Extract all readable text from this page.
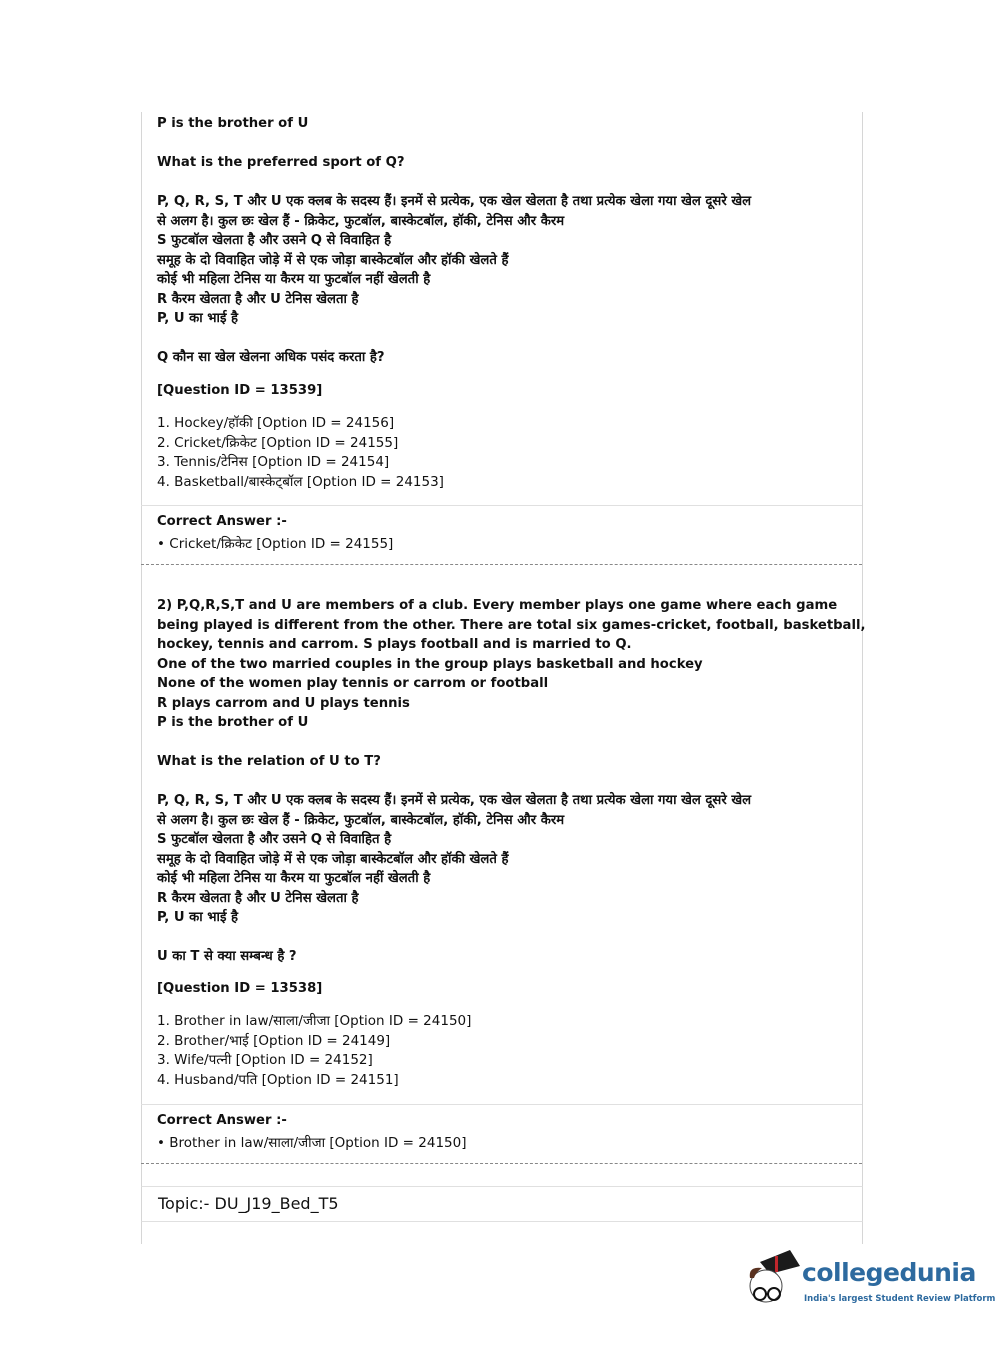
P is the brother of U
What is the preferred sport of Q?
P, Q, R, S, T और U एक क्लब के सदस्य हैं। इनमें से प्रत्येक, एक खेल खेलता है तथा प्रत्येक खेला गया खेल दूसरे खेल
से अलग है। कुल छः खेल हैं - क्रिकेट, फुटबॉल, बास्केटबॉल, हॉकी, टेनिस और कैरम
S फुटबॉल खेलता है और उसने Q से विवाहित है
समूह के दो विवाहित जोड़े में से एक जोड़ा बास्केटबॉल और हॉकी खेलते हैं
कोई भी महिला टेनिस या कैरम या फुटबॉल नहीं खेलती है
R कैरम खेलता है और U टेनिस खेलता है
P, U का भाई है
Q कौन सा खेल खेलना अधिक पसंद करता है?
[Question ID = 13539]
1. Hockey/हॉकी [Option ID = 24156]
2. Cricket/क्रिकेट [Option ID = 24155]
3. Tennis/टेनिस [Option ID = 24154]
4. Basketball/बास्केट्बॉल [Option ID = 24153]
Correct Answer :-
• Cricket/क्रिकेट [Option ID = 24155]
2) P,Q,R,S,T and U are members of a club. Every member plays one game where each game
being played is different from the other. There are total six games-cricket, football, basketball,
hockey, tennis and carrom. S plays football and is married to Q.
One of the two married couples in the group plays basketball and hockey
None of the women play tennis or carrom or football
R plays carrom and U plays tennis
P is the brother of U
What is the relation of U to T?
P, Q, R, S, T और U एक क्लब के सदस्य हैं। इनमें से प्रत्येक, एक खेल खेलता है तथा प्रत्येक खेला गया खेल दूसरे खेल
से अलग है। कुल छः खेल हैं - क्रिकेट, फुटबॉल, बास्केटबॉल, हॉकी, टेनिस और कैरम
S फुटबॉल खेलता है और उसने Q से विवाहित है
समूह के दो विवाहित जोड़े में से एक जोड़ा बास्केटबॉल और हॉकी खेलते हैं
कोई भी महिला टेनिस या कैरम या फुटबॉल नहीं खेलती है
R कैरम खेलता है और U टेनिस खेलता है
P, U का भाई है
U का T से क्या सम्बन्ध है ?
[Question ID = 13538]
1. Brother in law/साला/जीजा [Option ID = 24150]
2. Brother/भाई [Option ID = 24149]
3. Wife/पत्नी [Option ID = 24152]
4. Husband/पति [Option ID = 24151]
Correct Answer :-
• Brother in law/साला/जीजा [Option ID = 24150]
Topic:- DU_J19_Bed_T5
collegedunia
India's largest Student Review Platform
